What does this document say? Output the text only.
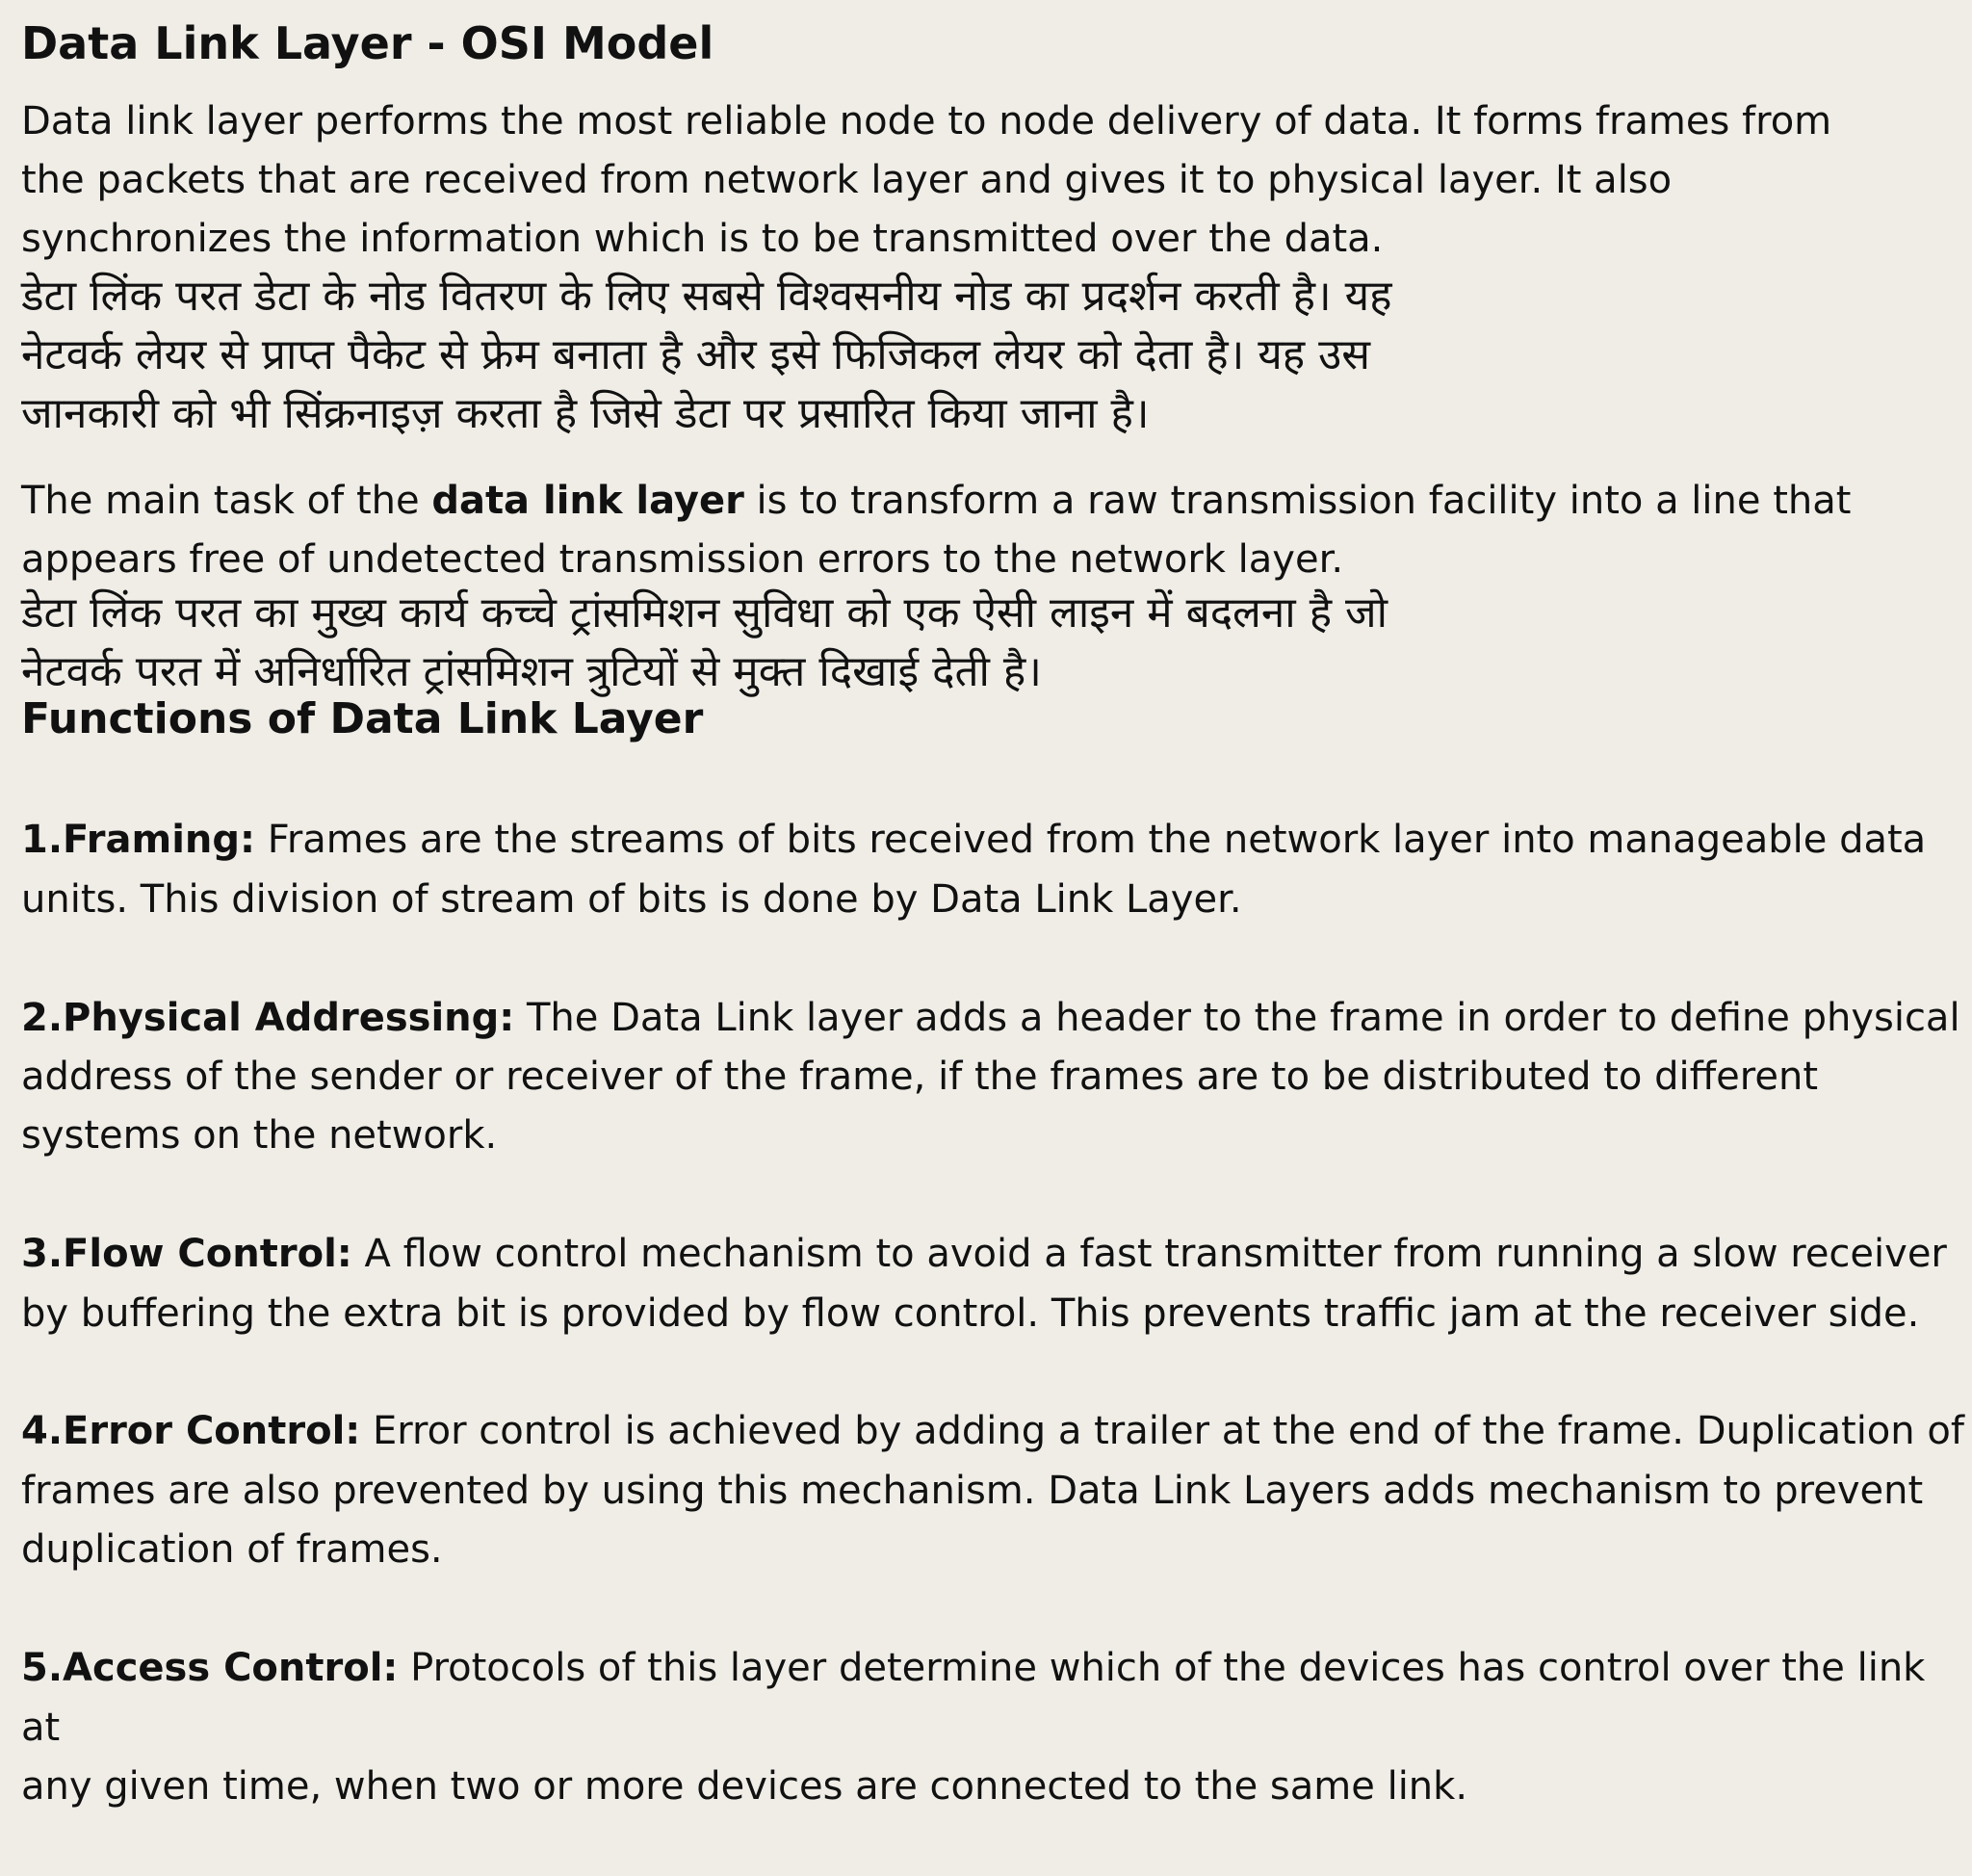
Data Link Layer - OSI Model

Data link layer performs the most reliable node to node delivery of data. It forms frames from
the packets that are received from network layer and gives it to physical layer. It also
synchronizes the information which is to be transmitted over the data.

डेटा लिंक परत डेटा के नोड वितरण के लिए सबसे विश्वसनीय नोड का प्रदर्शन करती है। यह
नेटवर्क लेयर से प्राप्त पैकेट से फ्रेम बनाता है और इसे फिजिकल लेयर को देता है। यह उस
जानकारी को भी सिंक्रनाइज़ करता है जिसे डेटा पर प्रसारित किया जाना है।

The main task of the data link layer is to transform a raw transmission facility into a line that
appears free of undetected transmission errors to the network layer.

डेटा लिंक परत का मुख्य कार्य कच्चे ट्रांसमिशन सुविधा को एक ऐसी लाइन में बदलना है जो
नेटवर्क परत में अनिर्धारित ट्रांसमिशन त्रुटियों से मुक्त दिखाई देती है।

Functions of Data Link Layer

1.Framing: Frames are the streams of bits received from the network layer into manageable data
units. This division of stream of bits is done by Data Link Layer.

2.Physical Addressing: The Data Link layer adds a header to the frame in order to define physical
address of the sender or receiver of the frame, if the frames are to be distributed to different
systems on the network.

3.Flow Control: A flow control mechanism to avoid a fast transmitter from running a slow receiver
by buffering the extra bit is provided by flow control. This prevents traffic jam at the receiver side.

4.Error Control: Error control is achieved by adding a trailer at the end of the frame. Duplication of
frames are also prevented by using this mechanism. Data Link Layers adds mechanism to prevent
duplication of frames.

5.Access Control: Protocols of this layer determine which of the devices has control over the link at
any given time, when two or more devices are connected to the same link.
